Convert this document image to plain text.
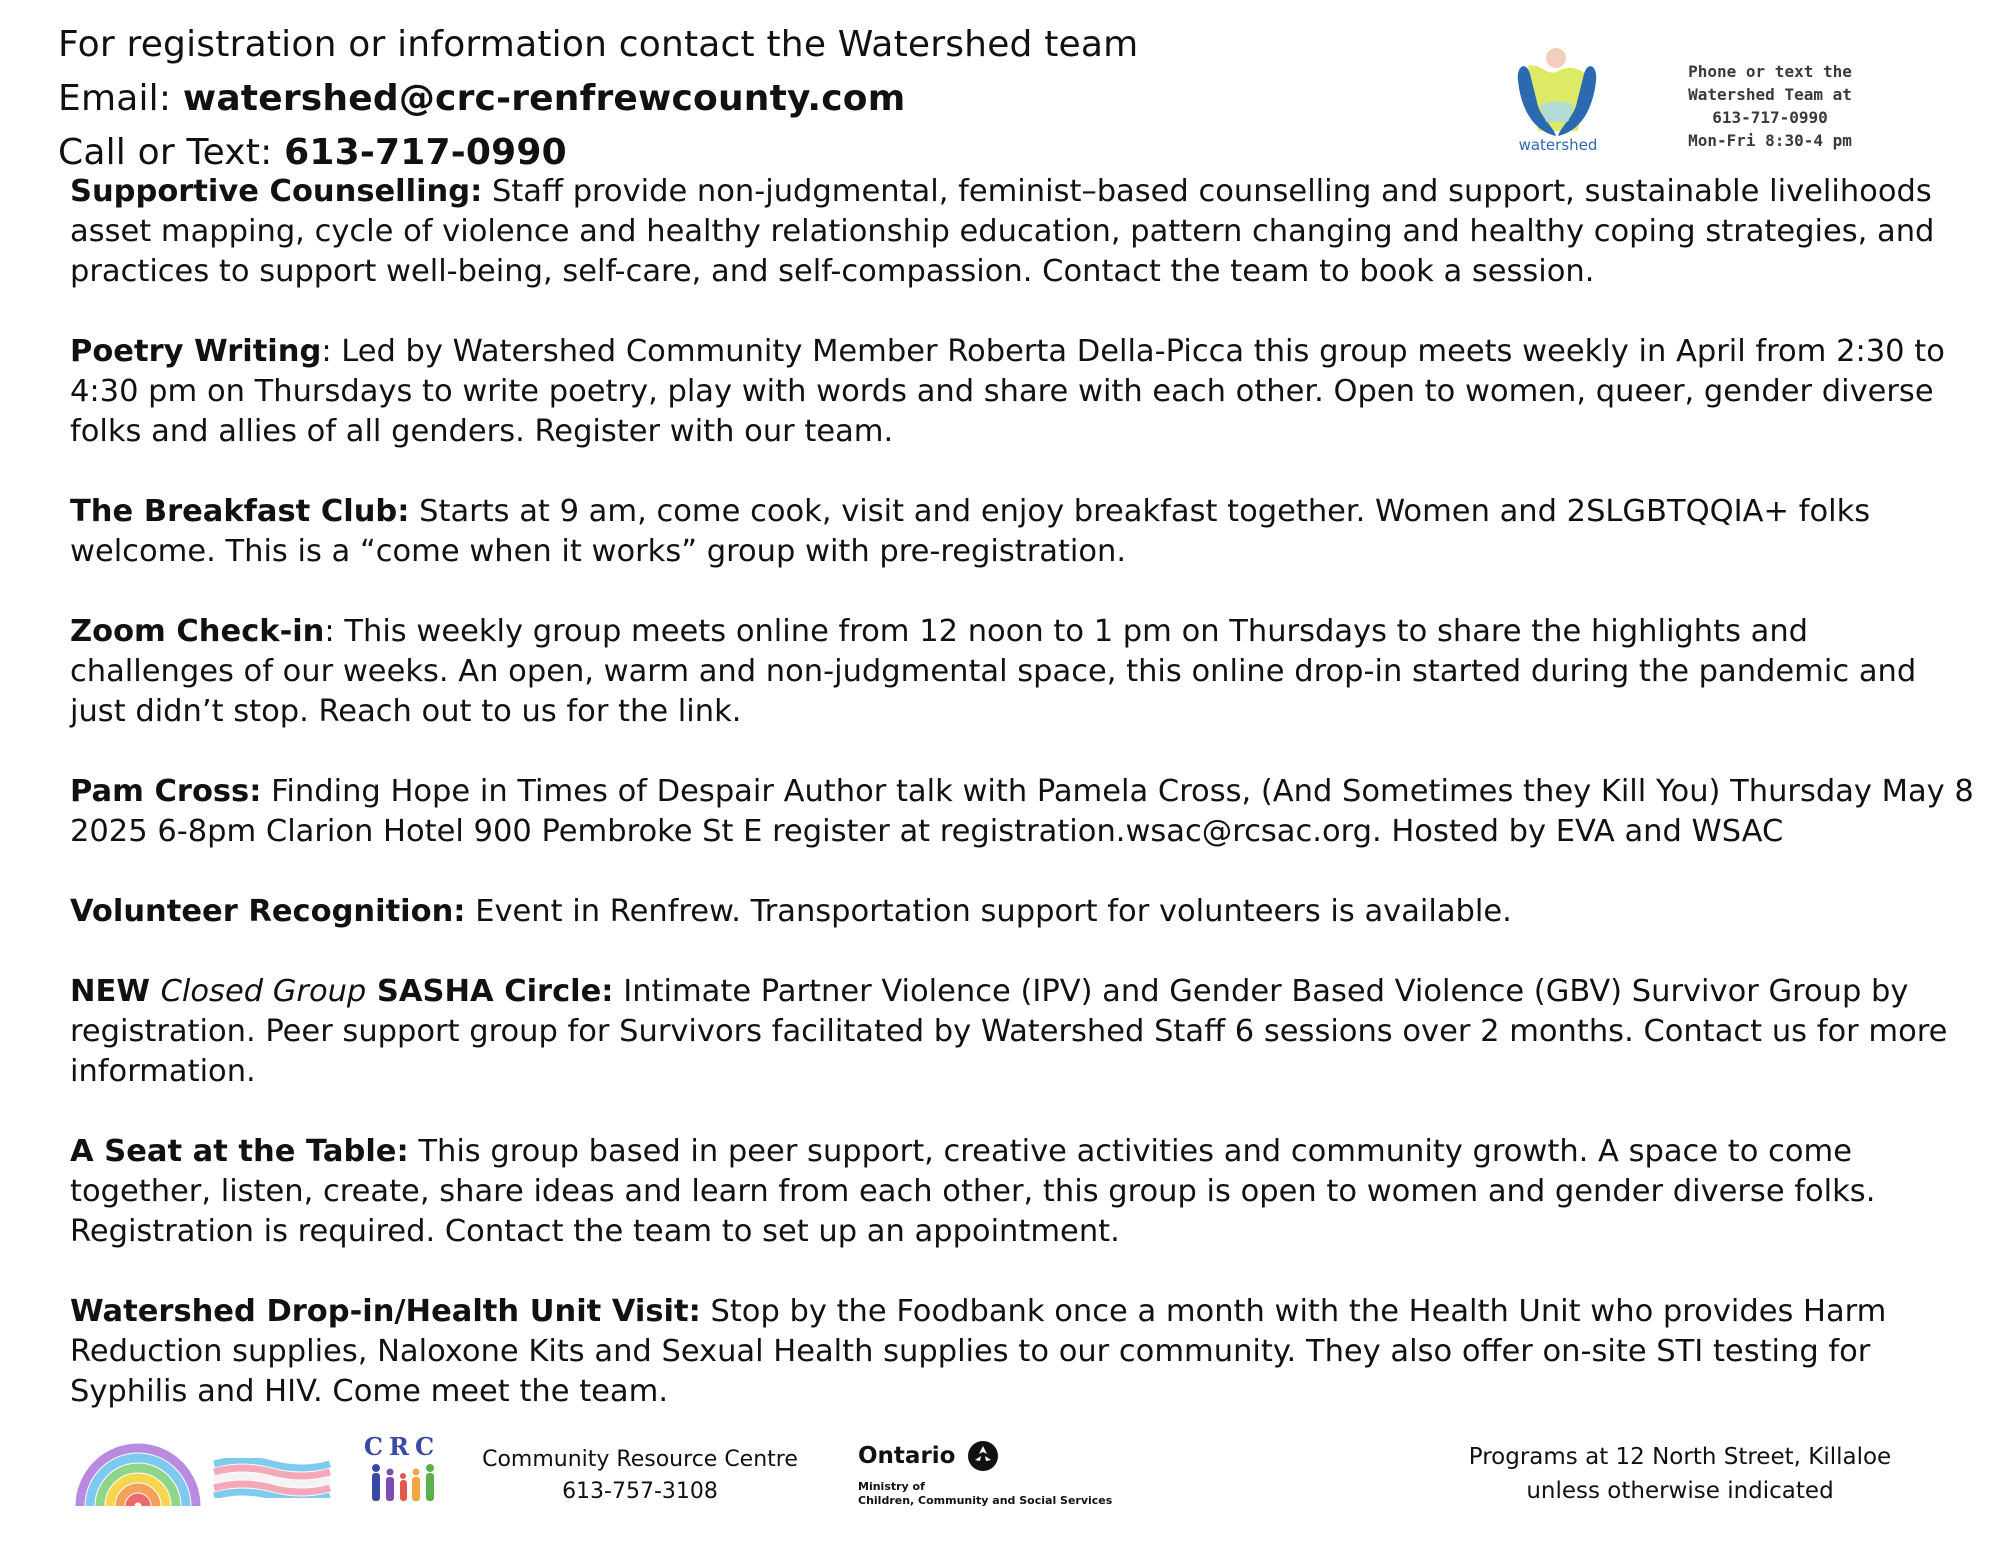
For registration or information contact the Watershed team
Email: watershed@crc-renfrewcounty.com
Call or Text: 613-717-0990	watershed
Phone or text the
Watershed Team at
613-717-0990
Mon-Fri 8:30-4 pm

Supportive Counselling: Staff provide non-judgmental, feminist–based counselling and support, sustainable livelihoods asset mapping, cycle of violence and healthy relationship education, pattern changing and healthy coping strategies, and practices to support well-being, self-care, and self-compassion. Contact the team to book a session.

Poetry Writing: Led by Watershed Community Member Roberta Della-Picca this group meets weekly in April from 2:30 to 4:30 pm on Thursdays to write poetry, play with words and share with each other. Open to women, queer, gender diverse folks and allies of all genders. Register with our team.

The Breakfast Club: Starts at 9 am, come cook, visit and enjoy breakfast together. Women and 2SLGBTQQIA+ folks welcome. This is a “come when it works” group with pre-registration.

Zoom Check-in: This weekly group meets online from 12 noon to 1 pm on Thursdays to share the highlights and challenges of our weeks. An open, warm and non-judgmental space, this online drop-in started during the pandemic and just didn’t stop. Reach out to us for the link.

Pam Cross: Finding Hope in Times of Despair Author talk with Pamela Cross, (And Sometimes they Kill You) Thursday May 8 2025 6-8pm Clarion Hotel 900 Pembroke St E register at registration.wsac@rcsac.org. Hosted by EVA and WSAC

Volunteer Recognition: Event in Renfrew. Transportation support for volunteers is available.

NEW Closed Group SASHA Circle: Intimate Partner Violence (IPV) and Gender Based Violence (GBV) Survivor Group by registration. Peer support group for Survivors facilitated by Watershed Staff 6 sessions over 2 months. Contact us for more information.

A Seat at the Table: This group based in peer support, creative activities and community growth. A space to come together, listen, create, share ideas and learn from each other, this group is open to women and gender diverse folks. Registration is required. Contact the team to set up an appointment.

Watershed Drop-in/Health Unit Visit: Stop by the Foodbank once a month with the Health Unit who provides Harm Reduction supplies, Naloxone Kits and Sexual Health supplies to our community. They also offer on-site STI testing for Syphilis and HIV. Come meet the team.

CRC	Community Resource Centre
613-757-3108
Ontario
Ministry of
Children, Community and Social Services
Programs at 12 North Street, Killaloe
unless otherwise indicated
